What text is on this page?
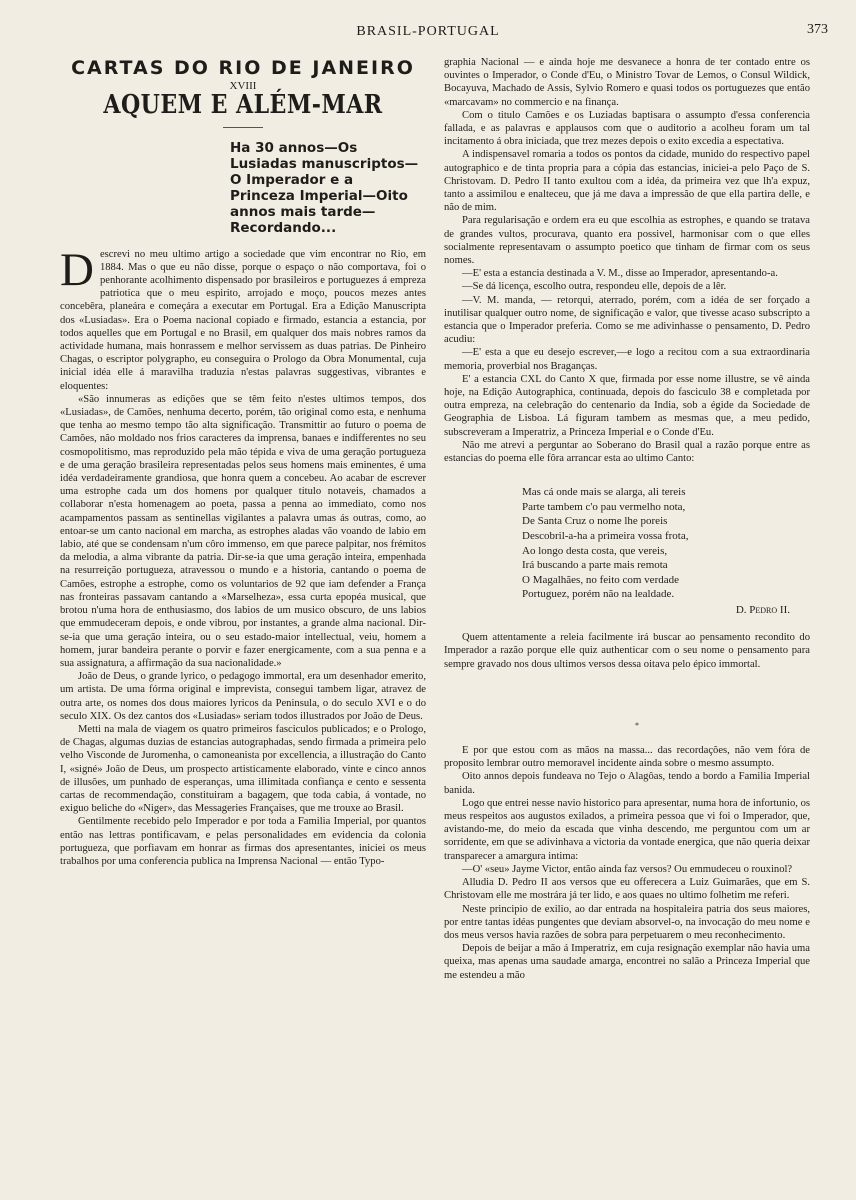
BRASIL-PORTUGAL	373
CARTAS DO RIO DE JANEIRO
XVIII
AQUEM E ALÉM-MAR
Ha 30 annos—Os Lusiadas manuscriptos—O Imperador e a Princeza Imperial—Oito annos mais tarde—Recordando...

Descrevi no meu ultimo artigo a sociedade que vim encontrar no Rio, em 1884. Mas o que eu não disse, porque o espaço o não comportava, foi o penhorante acolhimento dispensado por brasileiros e portuguezes á empreza patriotica que o meu espirito, arrojado e moço, poucos mezes antes concebêra, planeára e começára a executar em Portugal. Era a Edição Manuscripta dos «Lusiadas». Era o Poema nacional copiado e firmado, estancia a estancia, por todos aquelles que em Portugal e no Brasil, em qualquer dos mais nobres ramos da actividade humana, mais honrassem e melhor servissem as duas patrias. De Pinheiro Chagas, o escriptor polygrapho, eu conseguira o Prologo da Obra Monumental, cuja inicial idéa elle á maravilha traduzia n'estas palavras suggestivas, vibrantes e eloquentes:

«São innumeras as edições que se têm feito n'estes ultimos tempos, dos «Lusiadas», de Camões, nenhuma decerto, porém, tão original como esta, e nenhuma que tenha ao mesmo tempo tão alta significação. Transmittir ao futuro o poema de Camões, não moldado nos frios caracteres da imprensa, banaes e indifferentes no seu cosmopolitismo, mas reproduzido pela mão tépida e viva de uma geração portugueza e de uma geração brasileira representadas pelos seus homens mais eminentes, é uma idéa verdadeiramente grandiosa, que honra quem a concebeu. Ao acabar de escrever uma estrophe cada um dos homens por qualquer titulo notaveis, chamados a collaborar n'esta homenagem ao poeta, passa a penna ao immediato, como nos acampamentos passam as sentinellas vigilantes a palavra umas ás outras, como, ao entoar-se um canto nacional em marcha, as estrophes aladas vão voando de labio em labio, até que se condensam n'um côro immenso, em que parece palpitar, nos frémitos da melodia, a alma vibrante da patria. Dir-se-ia que uma geração inteira, empenhada na resurreição portugueza, atravessou o mundo e a historia, cantando o poema de Camões, estrophe a estrophe, como os voluntarios de 92 que iam defender a França nas fronteiras passavam cantando a «Marselheza», essa curta epopéa musical, que brotou n'uma hora de enthusiasmo, dos labios de um musico obscuro, de uns labios que emmudeceram depois, e onde vibrou, por instantes, a grande alma nacional. Dir-se-ia que uma geração inteira, ou o seu estado-maior intellectual, veiu, homem a homem, jurar bandeira perante o porvir e fazer energicamente, com a sua penna e a sua assignatura, a affirmação da sua nacionalidade.»

João de Deus, o grande lyrico, o pedagogo immortal, era um desenhador emerito, um artista. De uma fórma original e imprevista, consegui tambem ligar, atravez de outra arte, os nomes dos dous maiores lyricos da Peninsula, o do seculo XVI e o do seculo XIX. Os dez cantos dos «Lusiadas» seriam todos illustrados por João de Deus.

Metti na mala de viagem os quatro primeiros fasciculos publicados; e o Prologo, de Chagas, algumas duzias de estancias autographadas, sendo firmada a primeira pelo velho Visconde de Juromenha, o camoneanista por excellencia, a illustração do Canto I, «signé» João de Deus, um prospecto artisticamente elaborado, vinte e cinco annos de illusões, um punhado de esperanças, uma illimitada confiança e cento e sessenta cartas de recommendação, constituiram a bagagem, que toda cabia, á vontade, no exiguo beliche do «Niger», das Messageries Françaises, que me trouxe ao Brasil.

Gentilmente recebido pelo Imperador e por toda a Familia Imperial, por quantos então nas lettras pontificavam, e pelas personalidades em evidencia da colonia portugueza, que porfiavam em honrar as firmas dos apresentantes, iniciei os meus trabalhos por uma conferencia publica na Imprensa Nacional — então Typo-

graphia Nacional — e ainda hoje me desvanece a honra de ter contado entre os ouvintes o Imperador, o Conde d'Eu, o Ministro Tovar de Lemos, o Consul Wildick, Bocayuva, Machado de Assis, Sylvio Romero e quasi todos os portuguezes que então «marcavam» no commercio e na finança.

Com o titulo Camões e os Luziadas baptisara o assumpto d'essa conferencia fallada, e as palavras e applausos com que o auditorio a acolheu foram um tal incitamento á obra iniciada, que trez mezes depois o exito excedia a espectativa.

A indispensavel romaria a todos os pontos da cidade, munido do respectivo papel autographico e de tinta propria para a cópia das estancias, iniciei-a pelo Paço de S. Christovam. D. Pedro II tanto exultou com a idéa, da primeira vez que lh'a expuz, tanto a assimilou e enalteceu, que já me dava a impressão de que ella partira delle, e não de mim.

Para regularisação e ordem era eu que escolhia as estrophes, e quando se tratava de grandes vultos, procurava, quanto era possivel, harmonisar com o que elles socialmente representavam o assumpto poetico que tinham de firmar com os seus nomes.

—E' esta a estancia destinada a V. M., disse ao Imperador, apresentando-a.

—Se dá licença, escolho outra, respondeu elle, depois de a lêr.

—V. M. manda, — retorqui, aterrado, porém, com a idéa de ser forçado a inutilisar qualquer outro nome, de significação e valor, que tivesse acaso subscripto a estancia que o Imperador preferia. Como se me adivinhasse o pensamento, D. Pedro acudiu:

—E' esta a que eu desejo escrever,—e logo a recitou com a sua extraordinaria memoria, proverbial nos Braganças.

E' a estancia CXL do Canto X que, firmada por esse nome illustre, se vê ainda hoje, na Edição Autographica, continuada, depois do fasciculo 38 e completada por outra empreza, na celebração do centenario da India, sob a égide da Sociedade de Geographia de Lisboa. Lá figuram tambem as mesmas que, a meu pedido, subscreveram a Imperatriz, a Princeza Imperial e o Conde d'Eu.

Não me atrevi a perguntar ao Soberano do Brasil qual a razão porque entre as estancias do poema elle fôra arrancar esta ao ultimo Canto:

Mas cá onde mais se alarga, ali tereis
Parte tambem c'o pau vermelho nota,
De Santa Cruz o nome lhe poreis
Descobril-a-ha a primeira vossa frota,
Ao longo desta costa, que vereis,
Irá buscando a parte mais remota
O Magalhães, no feito com verdade
Portuguez, porém não na lealdade.
D. Pedro II.

Quem attentamente a releia facilmente irá buscar ao pensamento recondito do Imperador a razão porque elle quiz authenticar com o seu nome o pensamento para sempre gravado nos dous ultimos versos dessa oitava pelo épico immortal.

*

E por que estou com as mãos na massa... das recordações, não vem fóra de proposito lembrar outro memoravel incidente ainda sobre o mesmo assumpto.

Oito annos depois fundeava no Tejo o Alagôas, tendo a bordo a Familia Imperial banida.

Logo que entrei nesse navio historico para apresentar, numa hora de infortunio, os meus respeitos aos augustos exilados, a primeira pessoa que vi foi o Imperador, que, avistando-me, do meio da escada que vinha descendo, me perguntou com um ar sorridente, em que se adivinhava a victoria da vontade energica, que não queria deixar transparecer a amargura intima:

—O' «seu» Jayme Victor, então ainda faz versos? Ou emmudeceu o rouxinol?

Alludia D. Pedro II aos versos que eu offerecera a Luiz Guimarães, que em S. Christovam elle me mostrára já ter lido, e aos quaes no ultimo folhetim me referi.

Neste principio de exilio, ao dar entrada na hospitaleira patria dos seus maiores, por entre tantas idéas pungentes que deviam absorvel-o, na invocação do meu nome e dos meus versos havia razões de sobra para perpetuarem o meu reconhecimento.

Depois de beijar a mão á Imperatriz, em cuja resignação exemplar não havia uma queixa, mas apenas uma saudade amarga, encontrei no salão a Princeza Imperial que me estendeu a mão
